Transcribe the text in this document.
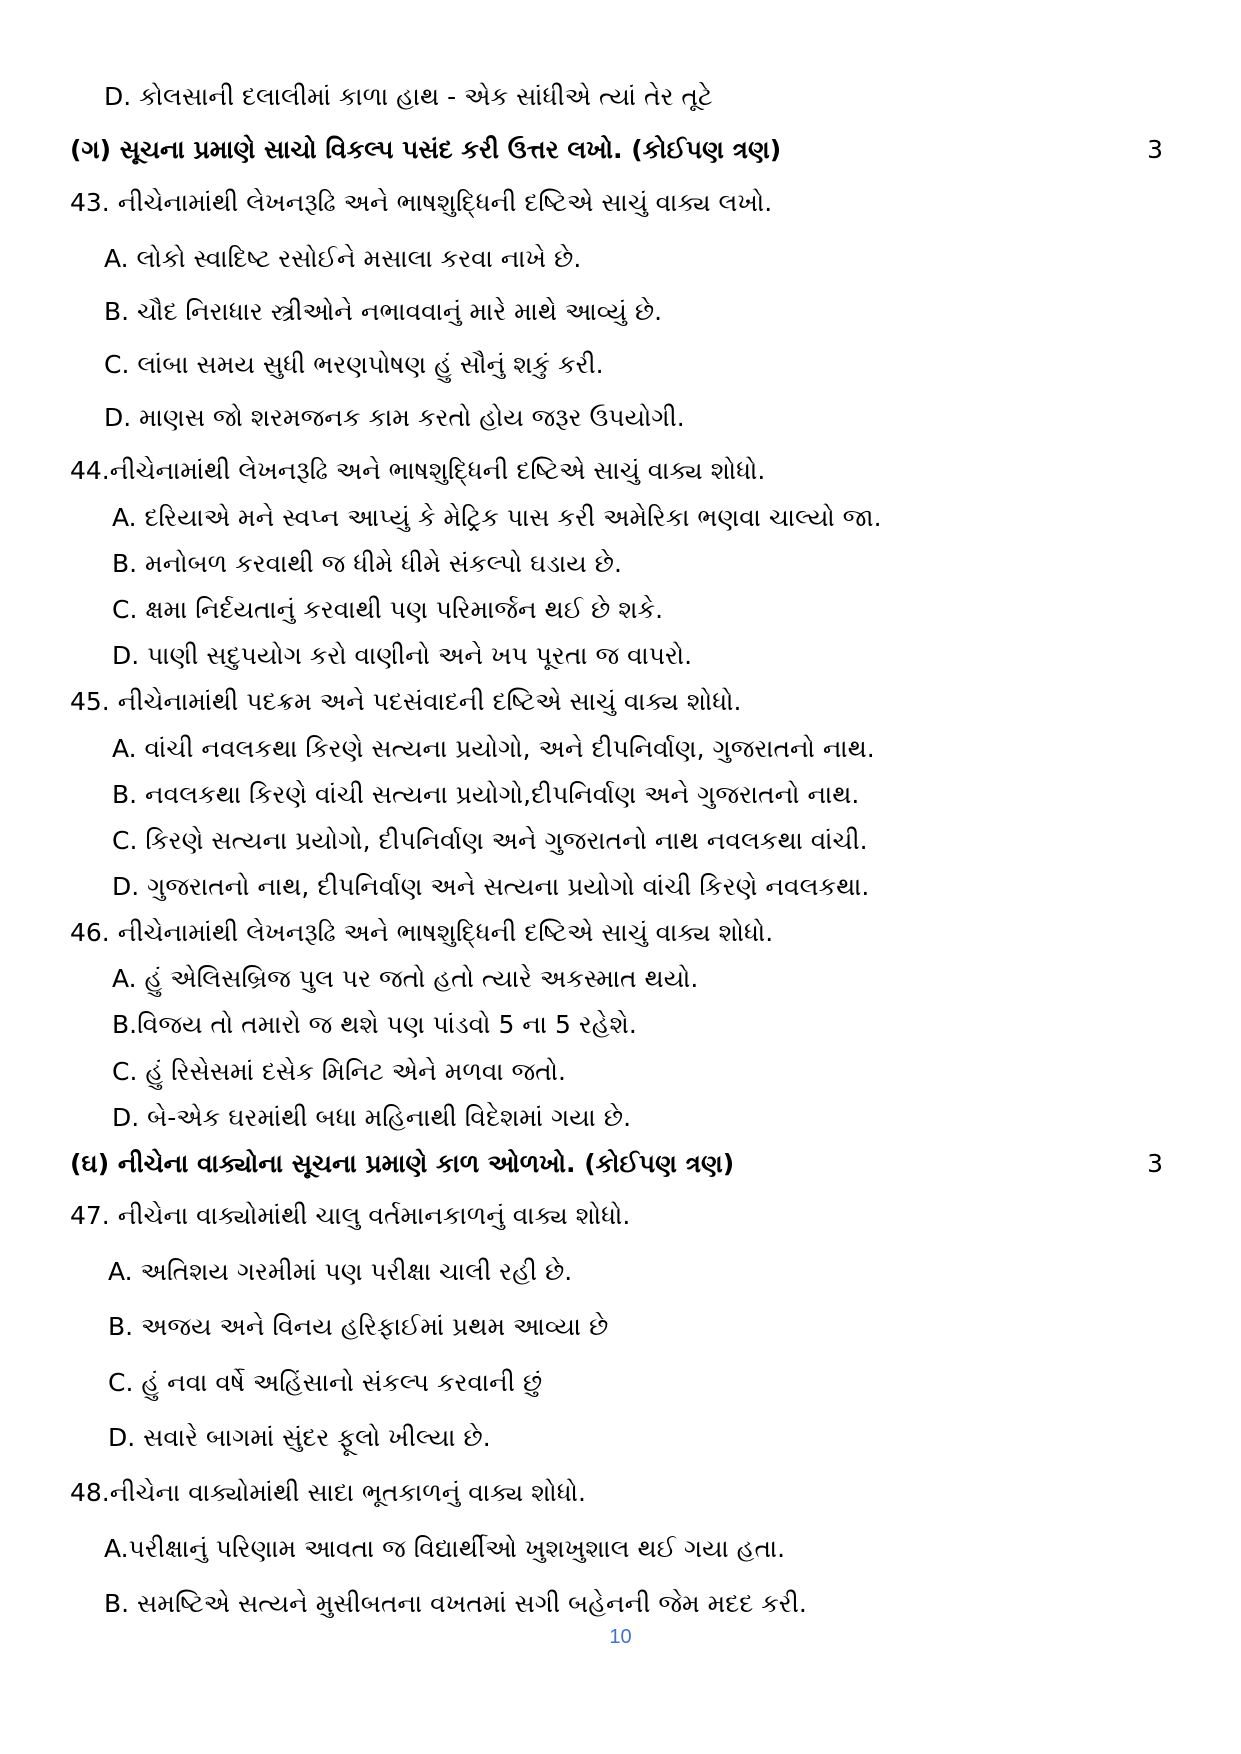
D. કોલસાની દલાલીમાં કાળા હાથ - એક સાંધીએ ત્યાં તેર તૂટે
(ગ) સૂચના પ્રમાણે સાચો વિકલ્પ પસંદ કરી ઉત્તર લખો. (કોઈપણ ત્રણ)	3
43. નીચેનામાંથી લેખનરૂઢિ અને ભાષશુદ્ધિની દષ્ટિએ સાચું વાક્ય લખો.
A. લોકો સ્વાદિષ્ટ રસોઈને મસાલા કરવા નાખે છે.
B. ચૌદ નિરાધાર સ્ત્રીઓને નભાવવાનું મારે માથે આવ્યું છે.
C. લાંબા સમય સુધી ભરણપોષણ હું સૌનું શકું કરી.
D. માણસ જો શરમજનક કામ કરતો હોય જરૂર ઉપયોગી.
44.નીચેનામાંથી લેખનરૂઢિ અને ભાષશુદ્ધિની દષ્ટિએ સાચું વાક્ય શોધો.
A. દરિયાએ મને સ્વપ્ન આપ્યું કે મેટ્રિક પાસ કરી અમેરિકા ભણવા ચાલ્યો જા.
B. મનોબળ કરવાથી જ ધીમે ધીમે સંકલ્પો ઘડાય છે.
C. ક્ષમા નિર્દયતાનું કરવાથી પણ પરિમાર્જન થઈ છે શકે.
D. પાણી સદુપયોગ કરો વાણીનો અને ખપ પૂરતા જ વાપરો.
45. નીચેનામાંથી પદક્રમ અને પદસંવાદની દષ્ટિએ સાચું વાક્ય શોધો.
A. વાંચી નવલકથા કિરણે સત્યના પ્રયોગો, અને દીપનિર્વાણ, ગુજરાતનો નાથ.
B. નવલકથા કિરણે વાંચી સત્યના પ્રયોગો,દીપનિર્વાણ અને ગુજરાતનો નાથ.
C. કિરણે સત્યના પ્રયોગો, દીપનિર્વાણ અને ગુજરાતનો નાથ નવલકથા વાંચી.
D. ગુજરાતનો નાથ, દીપનિર્વાણ અને સત્યના પ્રયોગો વાંચી કિરણે નવલકથા.
46. નીચેનામાંથી લેખનરૂઢિ અને ભાષશુદ્ધિની દષ્ટિએ સાચું વાક્ય શોધો.
A. હું એલિસબ્રિજ પુલ પર જતો હતો ત્યારે અકસ્માત થયો.
B.વિજય તો તમારો જ થશે પણ પાંડવો 5 ના 5 રહેશે.
C. હું રિસેસમાં દસેક મિનિટ એને મળવા જતો.
D. બે-એક ઘરમાંથી બધા મહિનાથી વિદેશમાં ગયા છે.
(ઘ) નીચેના વાક્યોના સૂચના પ્રમાણે કાળ ઓળખો. (કોઈપણ ત્રણ)	3
47. નીચેના વાક્યોમાંથી ચાલુ વર્તમાનકાળનું વાક્ય શોધો.
A. અતિશય ગરમીમાં પણ પરીક્ષા ચાલી રહી છે.
B. અજય અને વિનય હરિફાઈમાં પ્રથમ આવ્યા છે
C. હું નવા વર્ષે અહિંસાનો સંકલ્પ કરવાની છું
D. સવારે બાગમાં સુંદર ફૂલો ખીલ્યા છે.
48.નીચેના વાક્યોમાંથી સાદા ભૂતકાળનું વાક્ય શોધો.
A.પરીક્ષાનું પરિણામ આવતા જ વિદ્યાર્થીઓ ખુશખુશાલ થઈ ગયા હતા.
B. સમષ્ટિએ સત્યને મુસીબતના વખતમાં સગી બહેનની જેમ મદદ કરી.
10
